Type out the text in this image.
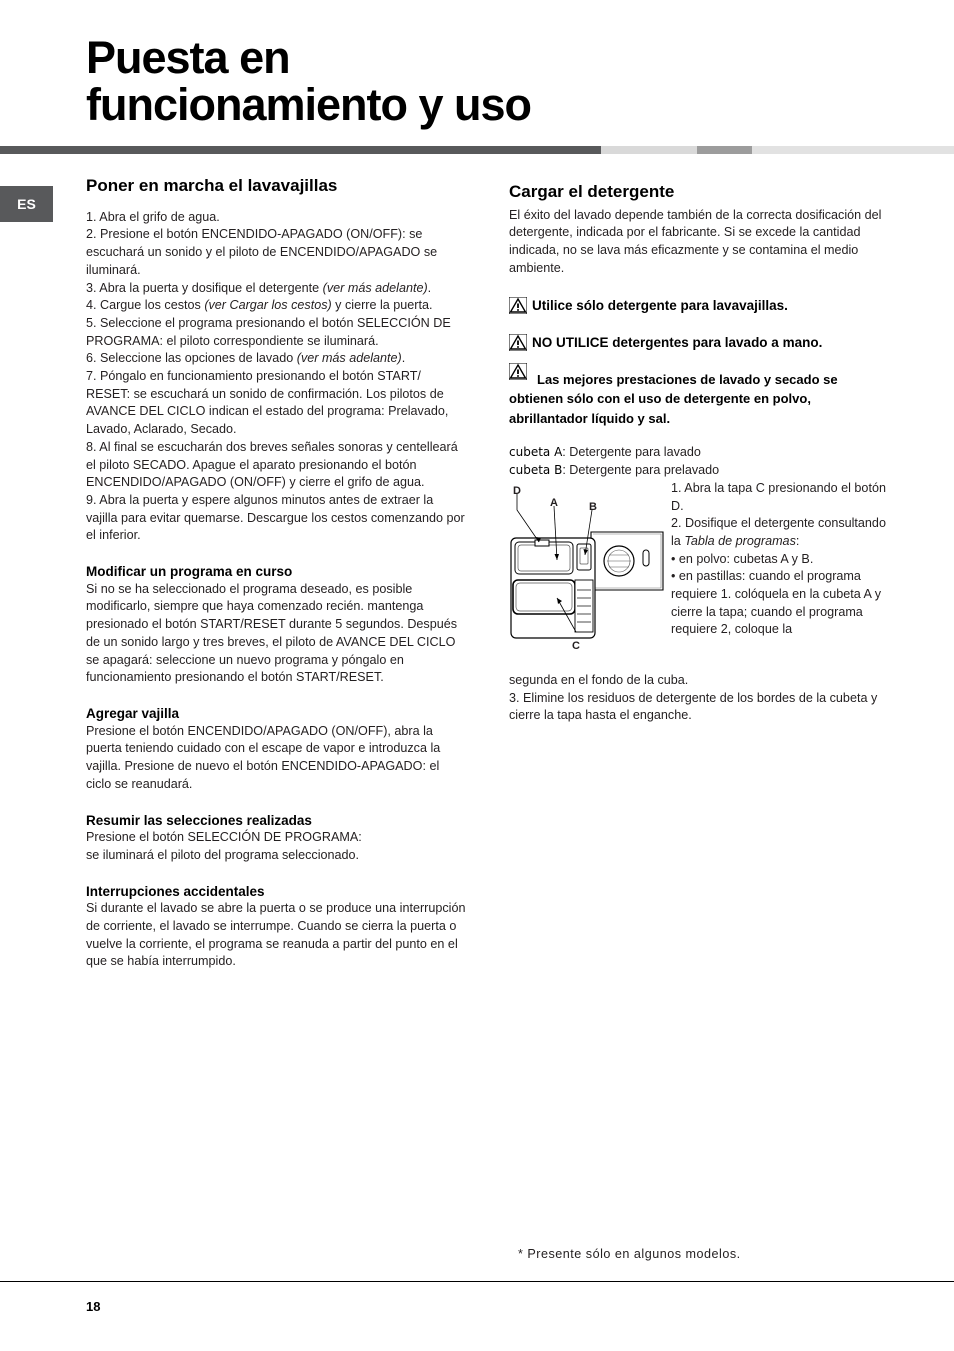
Puesta en
funcionamiento y uso
ES
Poner en marcha el lavavajillas

1. Abra el grifo de agua.

2. Presione el botón ENCENDIDO-APAGADO (ON/OFF): se escuchará un sonido y el piloto de ENCENDIDO/APAGADO se iluminará.

3. Abra la puerta y dosifique el detergente (ver más adelante).

4. Cargue los cestos (ver Cargar los cestos) y cierre la puerta.

5. Seleccione el programa presionando el botón SELECCIÓN DE PROGRAMA: el piloto correspondiente se iluminará.

6. Seleccione las opciones de lavado (ver más adelante).

7. Póngalo en funcionamiento presionando el botón START/ RESET: se escuchará un sonido de confirmación. Los pilotos de AVANCE DEL CICLO indican el estado del programa: Prelavado, Lavado, Aclarado, Secado.

8. Al final se escucharán dos breves señales sonoras y centelleará el piloto SECADO. Apague el aparato presionando el botón ENCENDIDO/APAGADO (ON/OFF) y cierre el grifo de agua.

9. Abra la puerta y espere algunos minutos antes de extraer la vajilla para evitar quemarse. Descargue los cestos comenzando por el inferior.

Modificar un programa en curso

Si no se ha seleccionado el programa deseado, es posible modificarlo, siempre que haya comenzado recién. mantenga presionado el botón START/RESET durante 5 segundos. Después de un sonido largo y tres breves, el piloto de AVANCE DEL CICLO se apagará: seleccione un nuevo programa y póngalo en funcionamiento presionando el botón START/RESET.

Agregar vajilla

Presione el botón ENCENDIDO/APAGADO (ON/OFF), abra la puerta teniendo cuidado con el escape de vapor e introduzca la vajilla. Presione de nuevo el botón ENCENDIDO-APAGADO: el ciclo se reanudará.

Resumir las selecciones realizadas

Presione el botón SELECCIÓN DE PROGRAMA:

se iluminará el piloto del programa seleccionado.

Interrupciones accidentales

Si durante el lavado se abre la puerta o se produce una interrupción de corriente, el lavado se interrumpe. Cuando se cierra la puerta o vuelve la corriente, el programa se reanuda a partir del punto en el que se había interrumpido.

Cargar el detergente

El éxito del lavado depende también de la correcta dosificación del detergente, indicada por el fabricante. Si se excede la cantidad indicada, no se lava más eficazmente y se contamina el medio ambiente.

Utilice sólo detergente para lavavajillas.
NO UTILICE detergentes para lavado a mano.
Las mejores prestaciones de lavado y secado se obtienen sólo con el uso de detergente en polvo, abrillantador líquido y sal.

cubeta A: Detergente para lavado

cubeta B: Detergente para prelavado

D
A	B
C

1. Abra la tapa C presionando el botón D.

2. Dosifique el detergente consultando la Tabla de programas:

• en polvo: cubetas A y B.

• en pastillas: cuando el programa requiere 1. colóquela en la cubeta A y cierre la tapa; cuando el programa requiere 2, coloque la

segunda en el fondo de la cuba.

3. Elimine los residuos de detergente de los bordes de la cubeta y cierre la tapa hasta el enganche.

* Presente sólo en algunos modelos.
18
